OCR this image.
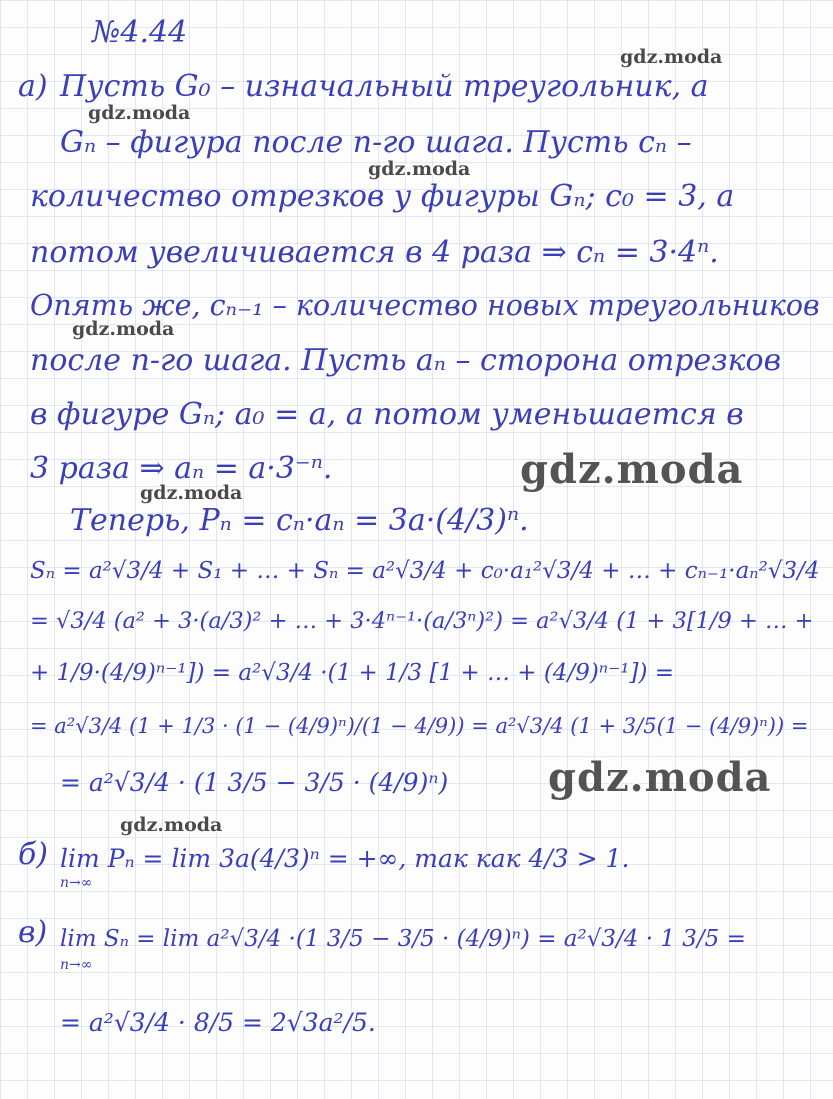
№4.44
а) Пусть G₀ – изначальный треугольник, а
Gₙ – фигура после n-го шага. Пусть cₙ –
количество отрезков у фигуры Gₙ; c₀ = 3, а
потом увеличивается в 4 раза ⇒ cₙ = 3·4ⁿ.
Опять же, cₙ₋₁ – количество новых треугольников
после n-го шага. Пусть aₙ – сторона отрезков
в фигуре Gₙ; a₀ = a, а потом уменьшается в
3 раза ⇒ aₙ = a·3⁻ⁿ.
Теперь, Pₙ = cₙ·aₙ = 3a·(4/3)ⁿ.
Sₙ = a²√3/4 + S₁ + … + Sₙ = a²√3/4 + c₀·a₁²√3/4 + … + cₙ₋₁·aₙ²√3/4
= √3/4 (a² + 3·(a/3)² + … + 3·4ⁿ⁻¹·(a/3ⁿ)²) = a²√3/4 (1 + 3[1/9 + … +
+ 1/9·(4/9)ⁿ⁻¹]) = a²√3/4 ·(1 + 1/3 [1 + … + (4/9)ⁿ⁻¹]) =
= a²√3/4 (1 + 1/3 · (1 − (4/9)ⁿ)/(1 − 4/9)) = a²√3/4 (1 + 3/5(1 − (4/9)ⁿ)) =
= a²√3/4 · (1 3/5 − 3/5 · (4/9)ⁿ)
б) lim Pₙ = lim 3a(4/3)ⁿ = +∞, так как 4/3 > 1.
n→∞
в) lim Sₙ = lim a²√3/4 ·(1 3/5 − 3/5 · (4/9)ⁿ) = a²√3/4 · 1 3/5 =
n→∞
= a²√3/4 · 8/5 = 2√3a²/5.
gdz.moda
gdz.moda
gdz.moda
gdz.moda
gdz.moda
gdz.moda
gdz.moda
gdz.moda
